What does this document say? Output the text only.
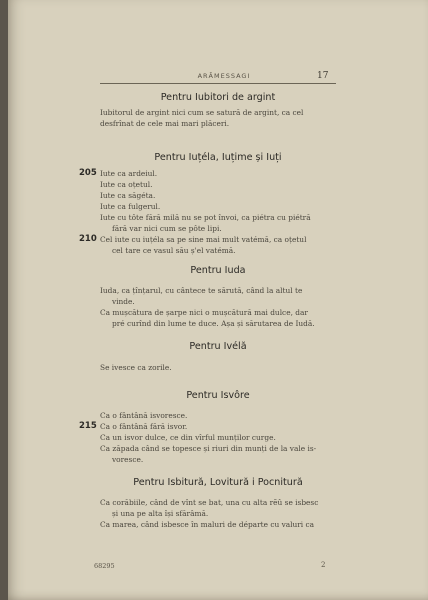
ARĂMESSAGI	17
Pentru Iubitori de argint
Iubitorul de argint nici cum se satură de argint, ca cel
desfrînat de cele mai mari plăceri.
Pentru Iuțéla, Iuțime și Iuți
205 Iute ca ardeiul.
Iute ca oțetul.
Iute ca săgéta.
Iute ca fulgerul.
Iute cu tôte fără milă nu se pot învoi, ca piétra cu piétră
fără var nici cum se pôte lipi.
210 Cel iute cu iuțéla sa pe sine mai mult vatémă, ca oțetul
cel tare ce vasul său ș'el vatémă.
Pentru Iuda
Iuda, ca țînțarul, cu cântece te sărută, când la altul te
vinde.
Ca mușcătura de șarpe nici o mușcătură mai dulce, dar
pré curînd din lume te duce. Așa și sărutarea de Iudă.
Pentru Ivélă
Se ivesce ca zorile.
Pentru Isvôre
Ca o fântână isvoresce.
215 Ca o fântână fără isvor.
Ca un isvor dulce, ce din vîrful munților curge.
Ca zăpada când se topesce și riuri din munți de la vale is-
voresce.
Pentru Isbitură, Lovitură i Pocnitură
Ca corăbiile, când de vînt se bat, una cu alta rĕû se isbesc
și una pe alta își sfărâmă.
Ca marea, când isbesce în maluri de départe cu valuri ca
68295	2
